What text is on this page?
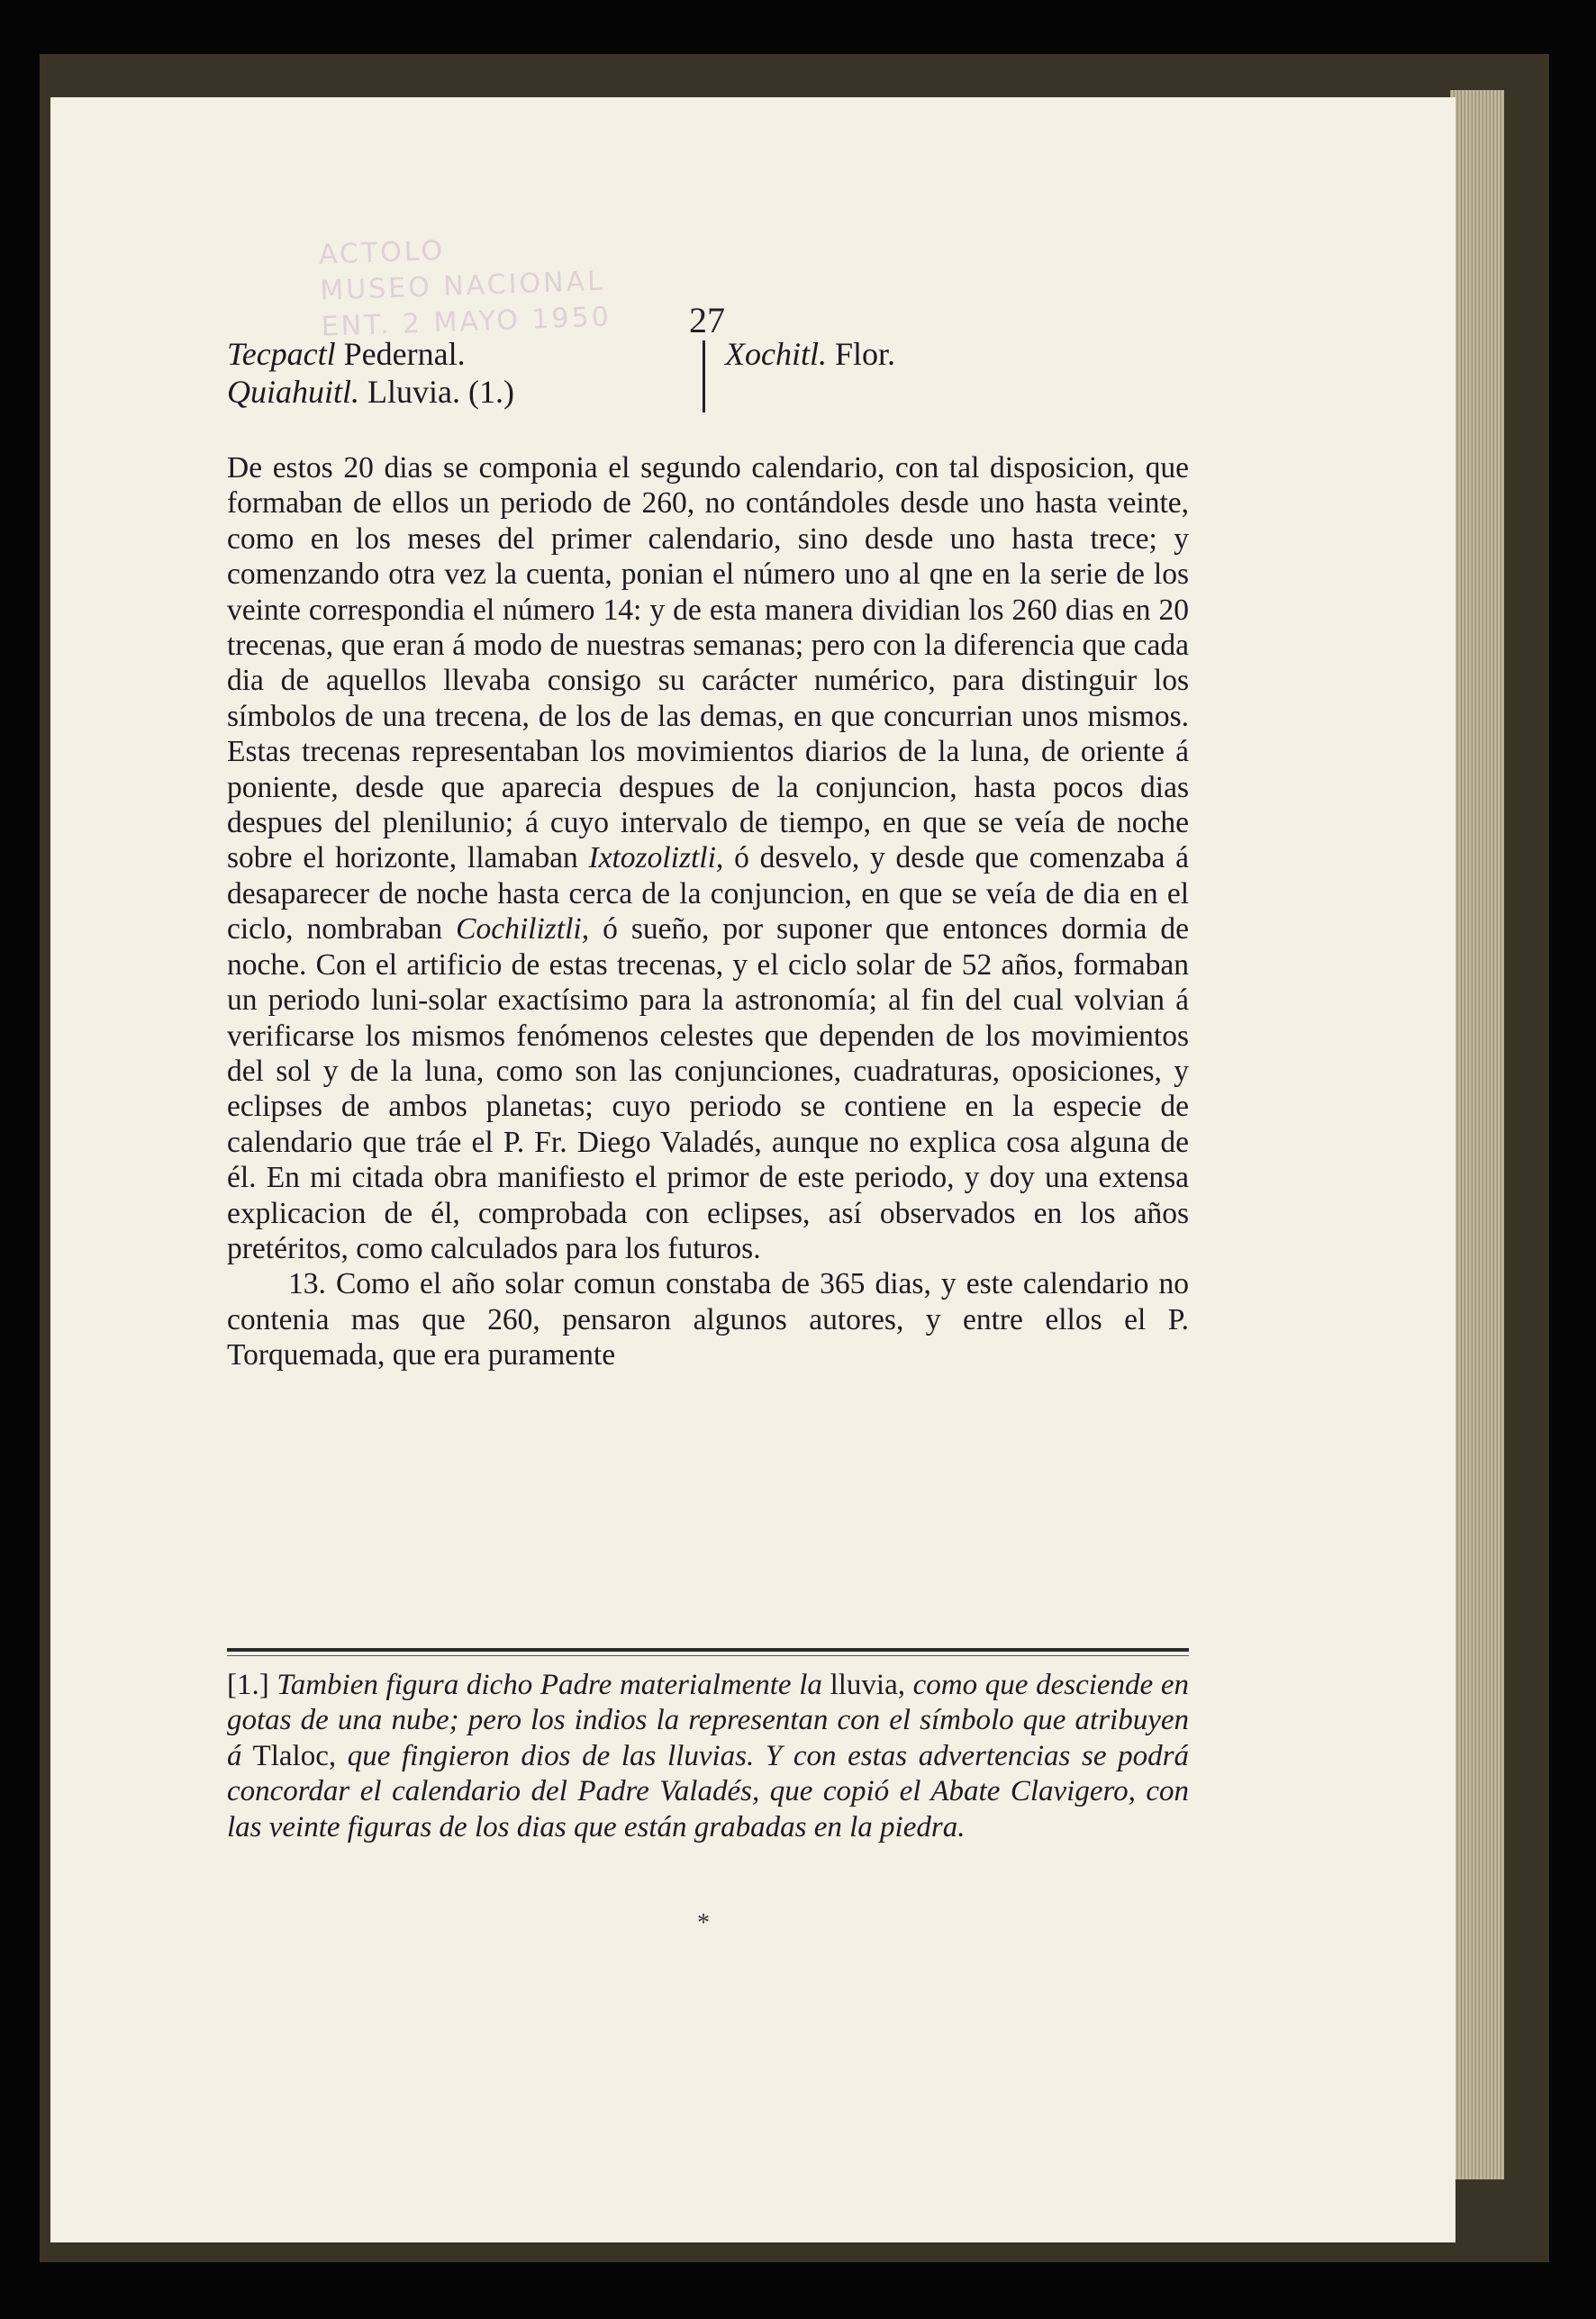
ACTOLO
MUSEO NACIONAL
ENT. 2 MAYO 1950 27
Tecpactl Pedernal.
Quiahuitl. Lluvia. (1.)
Xochitl. Flor.

De estos 20 dias se componia el segundo calendario, con tal disposicion, que formaban de ellos un periodo de 260, no contándoles desde uno hasta veinte, como en los meses del primer calendario, sino desde uno hasta trece; y comenzando otra vez la cuenta, ponian el número uno al qne en la serie de los veinte correspondia el número 14: y de esta manera dividian los 260 dias en 20 trecenas, que eran á modo de nuestras semanas; pero con la diferencia que cada dia de aquellos llevaba consigo su carácter numérico, para distinguir los símbolos de una trecena, de los de las demas, en que concurrian unos mismos. Estas trecenas representaban los movimientos diarios de la luna, de oriente á poniente, desde que aparecia despues de la conjuncion, hasta pocos dias despues del plenilunio; á cuyo intervalo de tiempo, en que se veía de noche sobre el horizonte, llamaban Ixtozoliztli, ó desvelo, y desde que comenzaba á desaparecer de noche hasta cerca de la conjuncion, en que se veía de dia en el ciclo, nombraban Cochiliztli, ó sueño, por suponer que entonces dormia de noche. Con el artificio de estas trecenas, y el ciclo solar de 52 años, formaban un periodo luni-solar exactísimo para la astronomía; al fin del cual volvian á verificarse los mismos fenómenos celestes que dependen de los movimientos del sol y de la luna, como son las conjunciones, cuadraturas, oposiciones, y eclipses de ambos planetas; cuyo periodo se contiene en la especie de calendario que tráe el P. Fr. Diego Valadés, aunque no explica cosa alguna de él. En mi citada obra manifiesto el primor de este periodo, y doy una extensa explicacion de él, comprobada con eclipses, así observados en los años pretéritos, como calculados para los futuros.

13. Como el año solar comun constaba de 365 dias, y este calendario no contenia mas que 260, pensaron algunos autores, y entre ellos el P. Torquemada, que era puramente

[1.] Tambien figura dicho Padre materialmente la lluvia, como que desciende en gotas de una nube; pero los indios la representan con el símbolo que atribuyen á Tlaloc, que fingieron dios de las lluvias. Y con estas advertencias se podrá concordar el calendario del Padre Valadés, que copió el Abate Clavigero, con las veinte figuras de los dias que están grabadas en la piedra.
*
